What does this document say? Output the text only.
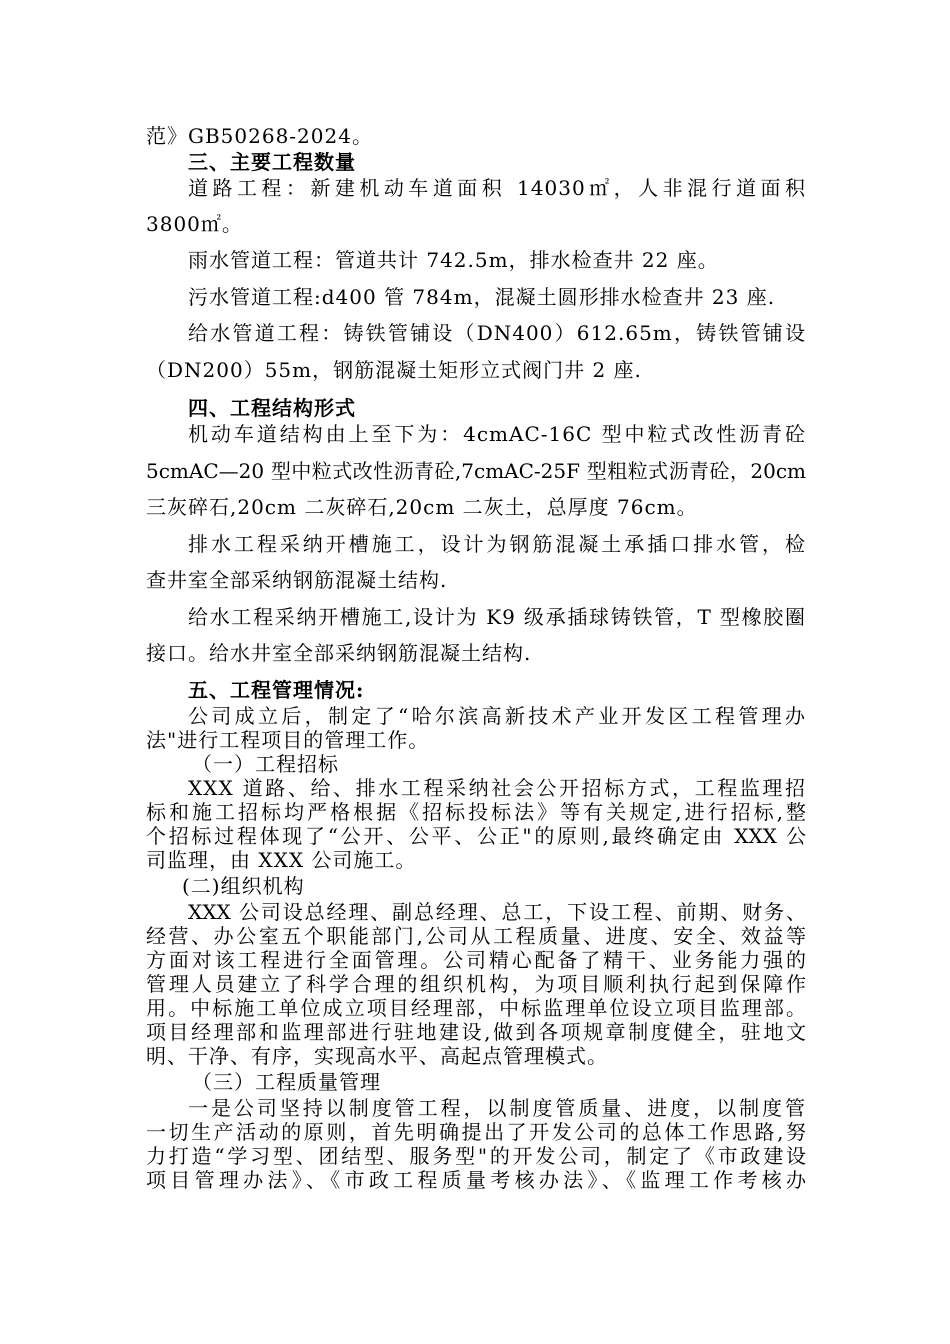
范》GB50268-2024。
三、主要工程数量
道路工程：新建机动车道面积 14030㎡，人非混行道面积
3800㎡。
雨水管道工程：管道共计 742.5m，排水检查井 22 座。
污水管道工程:d400 管 784m，混凝土圆形排水检查井 23 座.
给水管道工程：铸铁管铺设（DN400）612.65m，铸铁管铺设
（DN200）55m，钢筋混凝土矩形立式阀门井 2 座.
四、工程结构形式
机动车道结构由上至下为：4cmAC-16C 型中粒式改性沥青砼
5cmAC—20 型中粒式改性沥青砼,7cmAC-25F 型粗粒式沥青砼，20cm
三灰碎石,20cm 二灰碎石,20cm 二灰土，总厚度 76cm。
排水工程采纳开槽施工，设计为钢筋混凝土承插口排水管，检
查井室全部采纳钢筋混凝土结构.
给水工程采纳开槽施工,设计为 K9 级承插球铸铁管，T 型橡胶圈
接口。给水井室全部采纳钢筋混凝土结构.
五、工程管理情况:
公司成立后，制定了“哈尔滨高新技术产业开发区工程管理办
法"进行工程项目的管理工作。
（一）工程招标
XXX 道路、给、排水工程采纳社会公开招标方式，工程监理招
标和施工招标均严格根据《招标投标法》等有关规定,进行招标,整
个招标过程体现了“公开、公平、公正"的原则,最终确定由 XXX 公
司监理，由 XXX 公司施工。
(二)组织机构
XXX 公司设总经理、副总经理、总工，下设工程、前期、财务、
经营、办公室五个职能部门,公司从工程质量、进度、安全、效益等
方面对该工程进行全面管理。公司精心配备了精干、业务能力强的
管理人员建立了科学合理的组织机构，为项目顺利执行起到保障作
用。中标施工单位成立项目经理部，中标监理单位设立项目监理部。
项目经理部和监理部进行驻地建设,做到各项规章制度健全，驻地文
明、干净、有序，实现高水平、高起点管理模式。
（三）工程质量管理
一是公司坚持以制度管工程，以制度管质量、进度，以制度管
一切生产活动的原则，首先明确提出了开发公司的总体工作思路,努
力打造“学习型、团结型、服务型"的开发公司，制定了《市政建设
项目管理办法》、《市政工程质量考核办法》、《监理工作考核办
